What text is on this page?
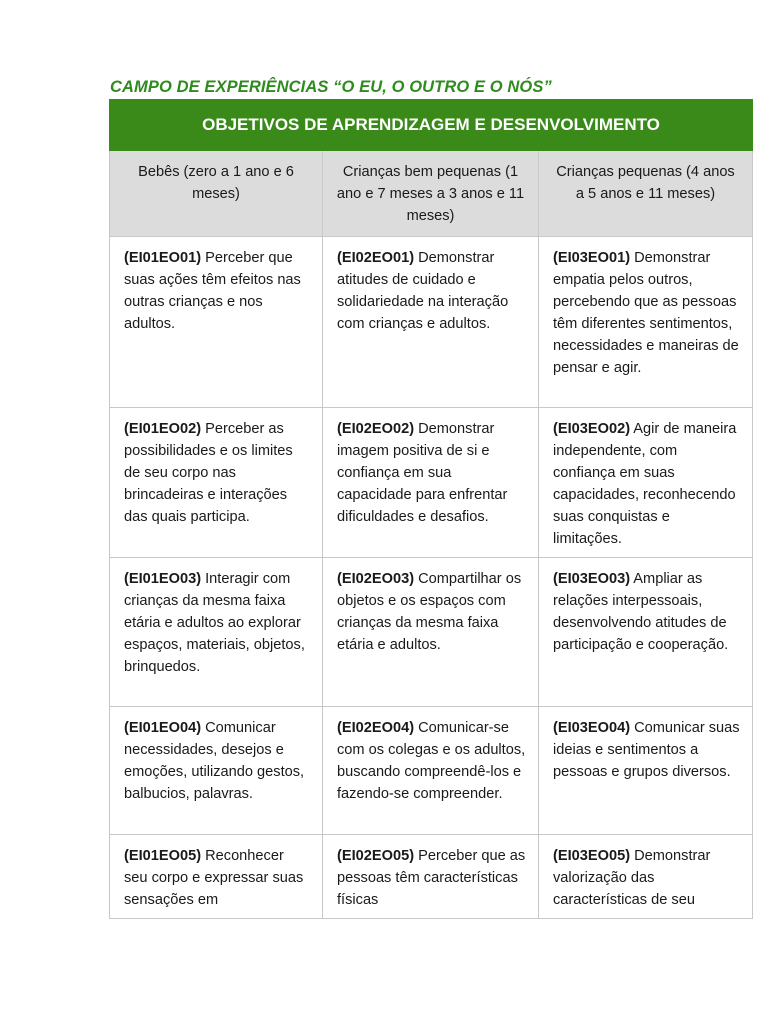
CAMPO DE EXPERIÊNCIAS “O EU, O OUTRO E O NÓS”
OBJETIVOS DE APRENDIZAGEM E DESENVOLVIMENTO		
Bebês (zero a 1 ano e 6 meses)	Crianças bem pequenas (1 ano e 7 meses a 3 anos e 11 meses)	Crianças pequenas (4 anos a 5 anos e 11 meses)
(EI01EO01) Perceber que suas ações têm efeitos nas outras crianças e nos adultos.	(EI02EO01) Demonstrar atitudes de cuidado e solidariedade na interação com crianças e adultos.	(EI03EO01) Demonstrar empatia pelos outros, percebendo que as pessoas têm diferentes sentimentos, necessidades e maneiras de pensar e agir.
(EI01EO02) Perceber as possibilidades e os limites de seu corpo nas brincadeiras e interações das quais participa.	(EI02EO02) Demonstrar imagem positiva de si e confiança em sua capacidade para enfrentar dificuldades e desafios.	(EI03EO02) Agir de maneira independente, com confiança em suas capacidades, reconhecendo suas conquistas e limitações.
(EI01EO03) Interagir com crianças da mesma faixa etária e adultos ao explorar espaços, materiais, objetos, brinquedos.	(EI02EO03) Compartilhar os objetos e os espaços com crianças da mesma faixa etária e adultos.	(EI03EO03) Ampliar as relações interpessoais, desenvolvendo atitudes de participação e cooperação.
(EI01EO04) Comunicar necessidades, desejos e emoções, utilizando gestos, balbucios, palavras.	(EI02EO04) Comunicar-se com os colegas e os adultos, buscando compreendê-los e fazendo-se compreender.	(EI03EO04) Comunicar suas ideias e sentimentos a pessoas e grupos diversos.
(EI01EO05) Reconhecer seu corpo e expressar suas sensações em	(EI02EO05) Perceber que as pessoas têm características físicas	(EI03EO05) Demonstrar valorização das características de seu
